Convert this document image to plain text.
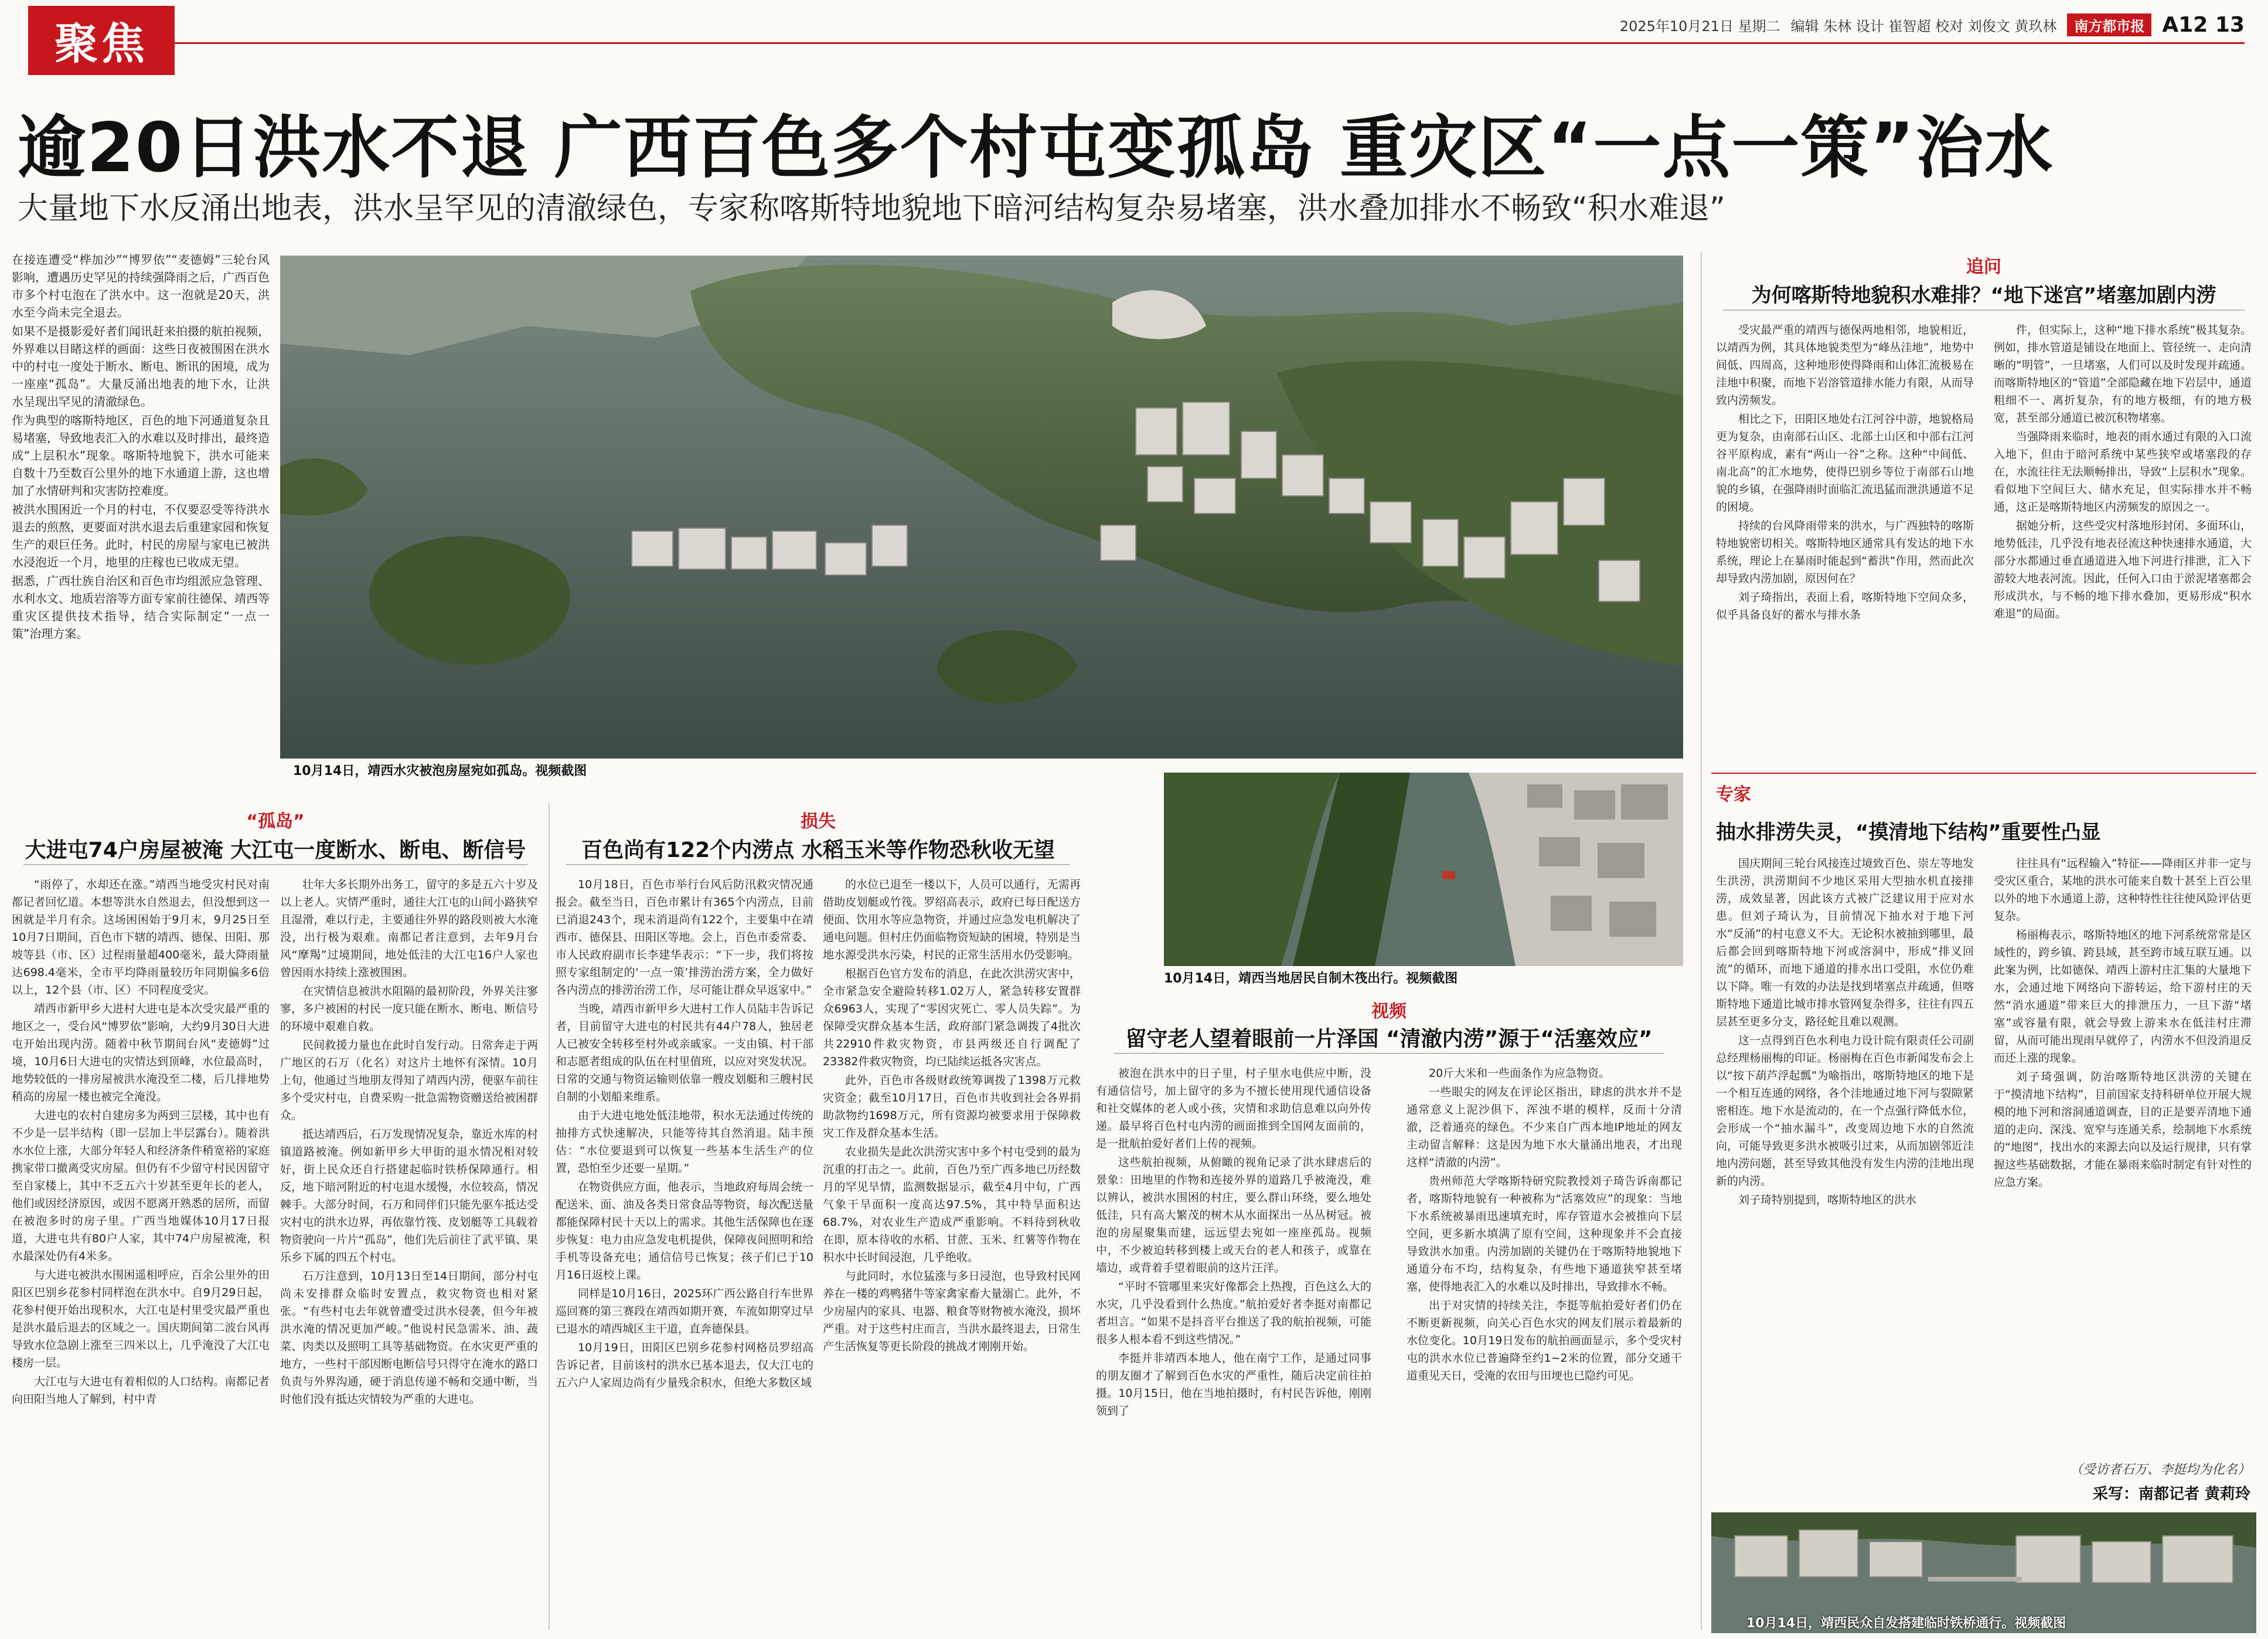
聚焦	2025年10月21日 星期二 编辑 朱林 设计 崔智超 校对 刘俊文 黄玖林	南方都市报 A12 13
逾20日洪水不退 广西百色多个村屯变孤岛 重灾区“一点一策”治水
大量地下水反涌出地表，洪水呈罕见的清澈绿色，专家称喀斯特地貌地下暗河结构复杂易堵塞，洪水叠加排水不畅致“积水难退”

在接连遭受“桦加沙”“博罗依”“麦德姆”三轮台风影响，遭遇历史罕见的持续强降雨之后，广西百色市多个村屯泡在了洪水中。这一泡就是20天，洪水至今尚未完全退去。

如果不是摄影爱好者们闻讯赶来拍摄的航拍视频，外界难以目睹这样的画面：这些日夜被围困在洪水中的村屯一度处于断水、断电、断讯的困境，成为一座座“孤岛”。大量反涌出地表的地下水，让洪水呈现出罕见的清澈绿色。

作为典型的喀斯特地区，百色的地下河通道复杂且易堵塞，导致地表汇入的水难以及时排出，最终造成“上层积水”现象。喀斯特地貌下，洪水可能来自数十乃至数百公里外的地下水通道上游，这也增加了水情研判和灾害防控难度。

被洪水围困近一个月的村屯，不仅要忍受等待洪水退去的煎熬，更要面对洪水退去后重建家园和恢复生产的艰巨任务。此时，村民的房屋与家电已被洪水浸泡近一个月，地里的庄稼也已收成无望。

据悉，广西壮族自治区和百色市均组派应急管理、水利水文、地质岩溶等方面专家前往德保、靖西等重灾区提供技术指导，结合实际制定“一点一策”治理方案。

10月14日，靖西水灾被泡房屋宛如孤岛。视频截图
“孤岛”
大进屯74户房屋被淹 大江屯一度断水、断电、断信号

“雨停了，水却还在涨。”靖西当地受灾村民对南都记者回忆道。本想等洪水自然退去，但没想到这一困就是半月有余。这场困困始于9月末，9月25日至10月7日期间，百色市下辖的靖西、德保、田阳、那坡等县（市、区）过程雨量超400毫米，最大降雨量达698.4毫米，全市平均降雨量较历年同期偏多6倍以上，12个县（市、区）不同程度受灾。

靖西市新甲乡大进村大进屯是本次受灾最严重的地区之一，受台风“博罗依”影响，大约9月30日大进屯开始出现内涝。随着中秋节期间台风“麦德姆”过境，10月6日大进屯的灾情达到顶峰，水位最高时，地势较低的一排房屋被洪水淹没至二楼，后几排地势稍高的房屋一楼也被完全淹没。

大进屯的农村自建房多为两到三层楼，其中也有不少是一层半结构（即一层加上半层露台）。随着洪水水位上涨，大部分年轻人和经济条件稍宽裕的家庭携家带口撤离受灾房屋。但仍有不少留守村民因留守至自家楼上，其中不乏五六十岁甚至更年长的老人，他们或因经济原因，或因不愿离开熟悉的居所，而留在被泡多时的房子里。广西当地媒体10月17日报道，大进屯共有80户人家，其中74户房屋被淹，积水最深处仍有4米多。

与大进屯被洪水围困遥相呼应，百余公里外的田阳区巴别乡花参村同样泡在洪水中。自9月29日起，花参村便开始出现积水，大江屯是村里受灾最严重也是洪水最后退去的区域之一。国庆期间第二波台风再导致水位急剧上涨至三四米以上，几乎淹没了大江屯楼房一层。

大江屯与大进屯有着相似的人口结构。南都记者向田阳当地人了解到，村中青

壮年大多长期外出务工，留守的多是五六十岁及以上老人。灾情严重时，通往大江屯的山间小路狭窄且湿滑，难以行走，主要通往外界的路段则被大水淹没，出行极为艰难。南都记者注意到，去年9月台风“摩羯”过境期间，地处低洼的大江屯16户人家也曾因雨水持续上涨被围困。

在灾情信息被洪水阻隔的最初阶段，外界关注寥寥，多户被困的村民一度只能在断水、断电、断信号的环境中艰难自救。

民间救援力量也在此时自发行动。日常奔走于两广地区的石万（化名）对这片土地怀有深情。10月上旬，他通过当地朋友得知了靖西内涝，便驱车前往多个受灾村屯，自费采购一批急需物资赠送给被困群众。

抵达靖西后，石万发现情况复杂，靠近水库的村镇道路被淹。例如新甲乡大甲街的退水情况相对较好，街上民众还自行搭建起临时铁桥保障通行。相反，地下暗河附近的村屯退水缓慢，水位较高，情况棘手。大部分时间，石万和同伴们只能先驱车抵达受灾村屯的洪水边界，再依靠竹筏、皮划艇等工具载着物资驶向一片片“孤岛”，他们先后前往了武平镇、果乐乡下属的四五个村屯。

石万注意到，10月13日至14日期间，部分村屯尚未安排群众临时安置点，救灾物资也相对紧张。“有些村屯去年就曾遭受过洪水侵袭，但今年被洪水淹的情况更加严峻。”他说村民急需米、油、蔬菜、肉类以及照明工具等基础物资。在水灾更严重的地方，一些村干部因断电断信号只得守在淹水的路口负责与外界沟通，硬于消息传递不畅和交通中断，当时他们没有抵达灾情较为严重的大进屯。

损失
百色尚有122个内涝点 水稻玉米等作物恐秋收无望

10月18日，百色市举行台风后防汛救灾情况通报会。截至当日，百色市累计有365个内涝点，目前已消退243个，现未消退尚有122个，主要集中在靖西市、德保县、田阳区等地。会上，百色市委常委、市人民政府副市长李建华表示：“下一步，我们将按照专家组制定的‘一点一策’排涝治涝方案，全力做好各内涝点的排涝治涝工作，尽可能让群众早返家中。”

当晚，靖西市新甲乡大进村工作人员陆丰告诉记者，目前留守大进屯的村民共有44户78人，独居老人已被安全转移至村外或亲戚家。一支由镇、村干部和志愿者组成的队伍在村里值班，以应对突发状况。日常的交通与物资运输则依靠一艘皮划艇和三艘村民自制的小划船来维系。

由于大进屯地处低洼地带，积水无法通过传统的抽排方式快速解决，只能等待其自然消退。陆丰预估：“水位要退到可以恢复一些基本生活生产的位置，恐怕至少还要一星期。”

在物资供应方面，他表示，当地政府每周会统一配送米、面、油及各类日常食品等物资，每次配送量都能保障村民十天以上的需求。其他生活保障也在逐步恢复：电力由应急发电机提供，保障夜间照明和给手机等设备充电；通信信号已恢复；孩子们已于10月16日返校上课。

同样是10月16日，2025环广西公路自行车世界巡回赛的第三赛段在靖西如期开赛，车流如期穿过早已退水的靖西城区主干道，直奔德保县。

10月19日，田阳区巴别乡花参村网格员罗绍高告诉记者，目前该村的洪水已基本退去，仅大江屯的五六户人家周边尚有少量残余积水，但绝大多数区域

的水位已退至一楼以下，人员可以通行，无需再借助皮划艇或竹筏。罗绍高表示，政府已每日配送方便面、饮用水等应急物资，并通过应急发电机解决了通电问题。但村庄仍面临物资短缺的困境，特别是当地水源受洪水污染，村民的正常生活用水仍受影响。

根据百色官方发布的消息，在此次洪涝灾害中，全市紧急安全避险转移1.02万人，紧急转移安置群众6963人，实现了“零因灾死亡、零人员失踪”。为保障受灾群众基本生活，政府部门紧急调拨了4批次共22910件救灾物资，市县两级还自行调配了23382件救灾物资，均已陆续运抵各灾害点。

此外，百色市各级财政统筹调拨了1398万元救灾资金；截至10月17日，百色市共收到社会各界捐助款物约1698万元，所有资源均被要求用于保障救灾工作及群众基本生活。

农业损失是此次洪涝灾害中多个村屯受到的最为沉重的打击之一。此前，百色乃至广西多地已历经数月的罕见旱情，监测数据显示，截至4月中旬，广西气象干旱面积一度高达97.5%，其中特旱面积达68.7%，对农业生产造成严重影响。不料待到秋收在即，原本待收的水稻、甘蔗、玉米、红薯等作物在积水中长时间浸泡，几乎绝收。

与此同时，水位猛涨与多日浸泡，也导致村民网养在一楼的鸡鸭猪牛等家禽家畜大量溺亡。此外，不少房屋内的家具、电器、粮食等财物被水淹没，损坏严重。对于这些村庄而言，当洪水最终退去，日常生产生活恢复等更长阶段的挑战才刚刚开始。

10月14日，靖西当地居民自制木筏出行。视频截图
视频
留守老人望着眼前一片泽国 “清澈内涝”源于“活塞效应”

被泡在洪水中的日子里，村子里水电供应中断，没有通信信号，加上留守的多为不擅长使用现代通信设备和社交媒体的老人或小孩，灾情和求助信息难以向外传递。最早将百色村屯内涝的画面推到全国网友面前的，是一批航拍爱好者们上传的视频。

这些航拍视频，从俯瞰的视角记录了洪水肆虐后的景象：田地里的作物和连接外界的道路几乎被淹没，难以辨认，被洪水围困的村庄，要么群山环绕，要么地处低洼，只有高大繁茂的树木从水面探出一丛丛树冠。被泡的房屋聚集而建，远远望去宛如一座座孤岛。视频中，不少被迫转移到楼上或天台的老人和孩子，或靠在墙边，或背着手望着眼前的这片汪洋。

“平时不管哪里来灾好像都会上热搜，百色这么大的水灾，几乎没看到什么热度。”航拍爱好者李挺对南都记者坦言。“如果不是抖音平台推送了我的航拍视频，可能很多人根本看不到这些情况。”

李挺并非靖西本地人，他在南宁工作，是通过同事的朋友圈才了解到百色水灾的严重性，随后决定前往拍摄。10月15日，他在当地拍摄时，有村民告诉他，刚刚领到了

20斤大米和一些面条作为应急物资。

一些眼尖的网友在评论区指出，肆虐的洪水并不是通常意义上泥沙俱下、浑浊不堪的模样，反而十分清澈，泛着通亮的绿色。不少来自广西本地IP地址的网友主动留言解释：这是因为地下水大量涌出地表，才出现这样“清澈的内涝”。

贵州师范大学喀斯特研究院教授刘子琦告诉南都记者，喀斯特地貌有一种被称为“活塞效应”的现象：当地下水系统被暴雨迅速填充时，库存管道水会被推向下层空间，更多新水填满了原有空间，这种现象并不会直接导致洪水加重。内涝加剧的关键仍在于喀斯特地貌地下通道分布不均，结构复杂，有些地下通道狭窄甚至堵塞，使得地表汇入的水难以及时排出，导致排水不畅。

出于对灾情的持续关注，李挺等航拍爱好者们仍在不断更新视频，向关心百色水灾的网友们展示着最新的水位变化。10月19日发布的航拍画面显示，多个受灾村屯的洪水水位已普遍降至约1~2米的位置，部分交通干道重见天日，受淹的农田与田埂也已隐约可见。

追问
为何喀斯特地貌积水难排？“地下迷宫”堵塞加剧内涝

受灾最严重的靖西与德保两地相邻，地貌相近，以靖西为例，其具体地貌类型为“峰丛洼地”，地势中间低、四周高，这种地形使得降雨和山体汇流极易在洼地中积聚，而地下岩溶管道排水能力有限，从而导致内涝频发。

相比之下，田阳区地处右江河谷中游，地貌格局更为复杂，由南部石山区、北部土山区和中部右江河谷平原构成，素有“两山一谷”之称。这种“中间低、南北高”的汇水地势，使得巴别乡等位于南部石山地貌的乡镇，在强降雨时面临汇流迅猛而泄洪通道不足的困境。

持续的台风降雨带来的洪水，与广西独特的喀斯特地貌密切相关。喀斯特地区通常具有发达的地下水系统，理论上在暴雨时能起到“蓄洪”作用，然而此次却导致内涝加剧，原因何在？

刘子琦指出，表面上看，喀斯特地下空间众多，似乎具备良好的蓄水与排水条

件，但实际上，这种“地下排水系统”极其复杂。例如，排水管道是铺设在地面上、管径统一、走向清晰的“明管”，一旦堵塞，人们可以及时发现并疏通。而喀斯特地区的“管道”全部隐藏在地下岩层中，通道粗细不一、离折复杂，有的地方极细，有的地方极宽，甚至部分通道已被沉积物堵塞。

当强降雨来临时，地表的雨水通过有限的入口流入地下，但由于暗河系统中某些狭窄或堵塞段的存在，水流往往无法顺畅排出，导致“上层积水”现象。看似地下空间巨大、储水充足，但实际排水并不畅通，这正是喀斯特地区内涝频发的原因之一。

据她分析，这些受灾村落地形封闭、多面环山，地势低洼，几乎没有地表径流这种快速排水通道，大部分水都通过垂直通道进入地下河进行排泄，汇入下游较大地表河流。因此，任何入口由于淤泥堵塞都会形成洪水，与不畅的地下排水叠加，更易形成“积水难退”的局面。

专家
抽水排涝失灵，“摸清地下结构”重要性凸显

国庆期间三轮台风接连过境致百色、崇左等地发生洪涝，洪涝期间不少地区采用大型抽水机直接排涝，成效显著，因此该方式被广泛建议用于应对水患。但刘子琦认为，目前情况下抽水对于地下河水“反涌”的村屯意义不大。无论积水被抽到哪里，最后都会回到喀斯特地下河或溶洞中，形成“排叉回流”的循环，而地下通道的排水出口受阻，水位仍难以下降。唯一有效的办法是找到堵塞点并疏通，但喀斯特地下通道比城市排水管网复杂得多，往往有四五层甚至更多分支，路径蛇且难以观测。

这一点得到百色水利电力设计院有限责任公司副总经理杨丽梅的印证。杨丽梅在百色市新闻发布会上以“按下葫芦浮起瓢”为喻指出，喀斯特地区的地下是一个相互连通的网络，各个洼地通过地下河与裂隙紧密相连。地下水是流动的，在一个点强行降低水位，会形成一个“抽水漏斗”，改变周边地下水的自然流向，可能导致更多洪水被吸引过来，从而加剧邻近洼地内涝问题，甚至导致其他没有发生内涝的洼地出现新的内涝。

刘子琦特别提到，喀斯特地区的洪水

往往具有“远程输入”特征——降雨区并非一定与受灾区重合，某地的洪水可能来自数十甚至上百公里以外的地下水通道上游，这种特性往往使风险评估更复杂。

杨丽梅表示，喀斯特地区的地下河系统常常是区域性的，跨乡镇、跨县域，甚至跨市域互联互通。以此案为例，比如德保、靖西上游村庄汇集的大量地下水，会通过地下网络向下游转运，给下游村庄的天然“消水通道”带来巨大的排泄压力，一旦下游“堵塞”或容量有限，就会导致上游来水在低洼村庄滞留，从而可能出现雨早就停了，内涝水不但没消退反而还上涨的现象。

刘子琦强调，防治喀斯特地区洪涝的关键在于“摸清地下结构”，目前国家支持科研单位开展大规模的地下河和溶洞通道调查，目的正是要弄清地下通道的走向、深浅、宽窄与连通关系，绘制地下水系统的“地图”，找出水的来源去向以及运行规律，只有掌握这些基础数据，才能在暴雨来临时制定有针对性的应急方案。

（受访者石万、李挺均为化名）
采写：南都记者 黄莉玲
10月14日，靖西民众自发搭建临时铁桥通行。视频截图
